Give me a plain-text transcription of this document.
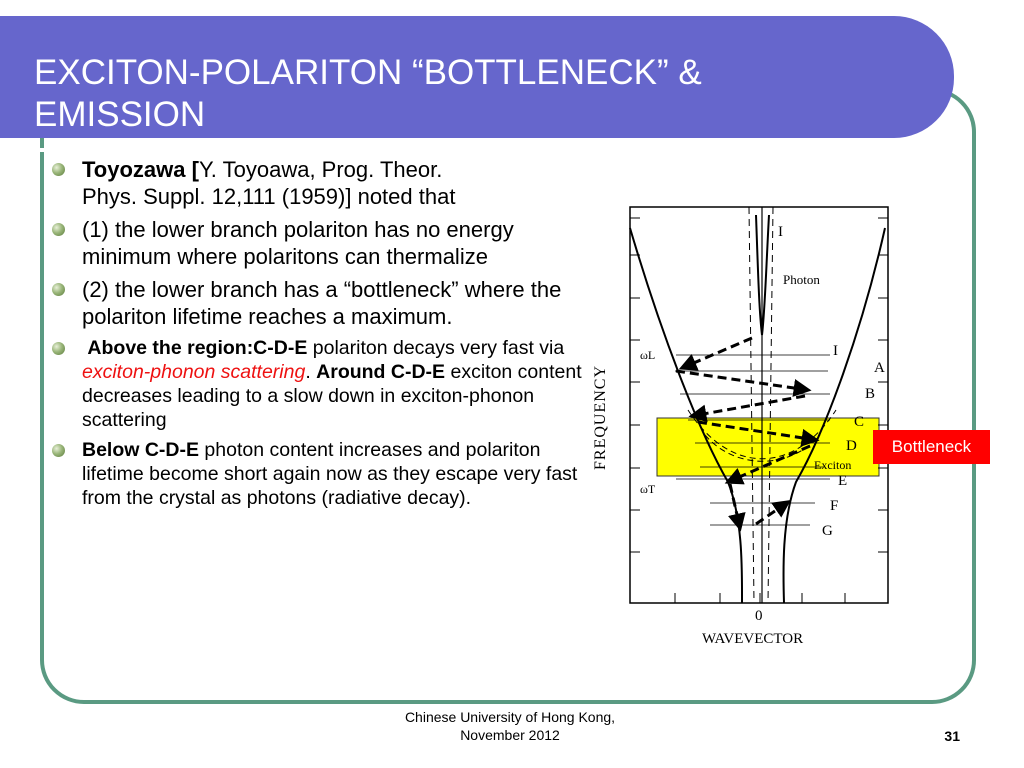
EXCITON-POLARITON “BOTTLENECK” &
EMISSION
Toyozawa [Y. Toyoawa, Prog. Theor.
Phys. Suppl. 12,111 (1959)] noted that
(1) the lower branch polariton has no energy minimum where polaritons can thermalize
(2) the lower branch has a “bottleneck” where the polariton lifetime reaches a maximum.
Above the region:C-D-E polariton decays very fast via exciton-phonon scattering. Around C-D-E exciton content decreases leading to a slow down in exciton-phonon scattering
Below C-D-E photon content increases and polariton lifetime become short again now as they escape very fast from the crystal as photons (radiative decay).
I
Photon
I
ωL
ωT
Exciton
0
WAVEVECTOR
FREQUENCY	A
B
C
D
E
F
G
Bottleneck
Chinese University of Hong Kong,
November 2012	31
